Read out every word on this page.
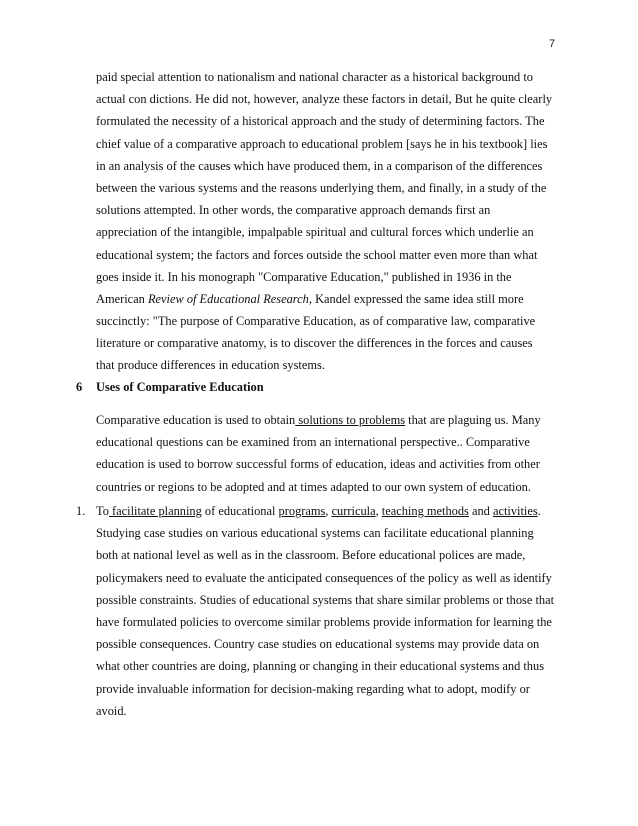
7
paid special attention to nationalism and national character as a historical background to
actual con dictions. He did not, however, analyze these factors in detail, But he quite clearly
formulated the necessity of a historical approach and the study of determining factors. The
chief value of a comparative approach to educational problem [says he in his textbook] lies
in an analysis of the causes which have produced them, in a comparison of the differences
between the various systems and the reasons underlying them, and finally, in a study of the
solutions attempted. In other words, the comparative approach demands first an
appreciation of the intangible, impalpable spiritual and cultural forces which underlie an
educational system; the factors and forces outside the school matter even more than what
goes inside it. In his monograph "Comparative Education," published in 1936 in the
American Review of Educational Research, Kandel expressed the same idea still more
succinctly: "The purpose of Comparative Education, as of comparative law, comparative
literature or comparative anatomy, is to discover the differences in the forces and causes
that produce differences in education systems.
6 Uses of Comparative Education
Comparative education is used to obtain solutions to problems that are plaguing us. Many
educational questions can be examined from an international perspective.. Comparative
education is used to borrow successful forms of education, ideas and activities from other
countries or regions to be adopted and at times adapted to our own system of education.
1. To facilitate planning of educational programs, curricula, teaching methods and activities.
Studying case studies on various educational systems can facilitate educational planning
both at national level as well as in the classroom. Before educational polices are made,
policymakers need to evaluate the anticipated consequences of the policy as well as identify
possible constraints. Studies of educational systems that share similar problems or those that
have formulated policies to overcome similar problems provide information for learning the
possible consequences. Country case studies on educational systems may provide data on
what other countries are doing, planning or changing in their educational systems and thus
provide invaluable information for decision-making regarding what to adopt, modify or
avoid.
